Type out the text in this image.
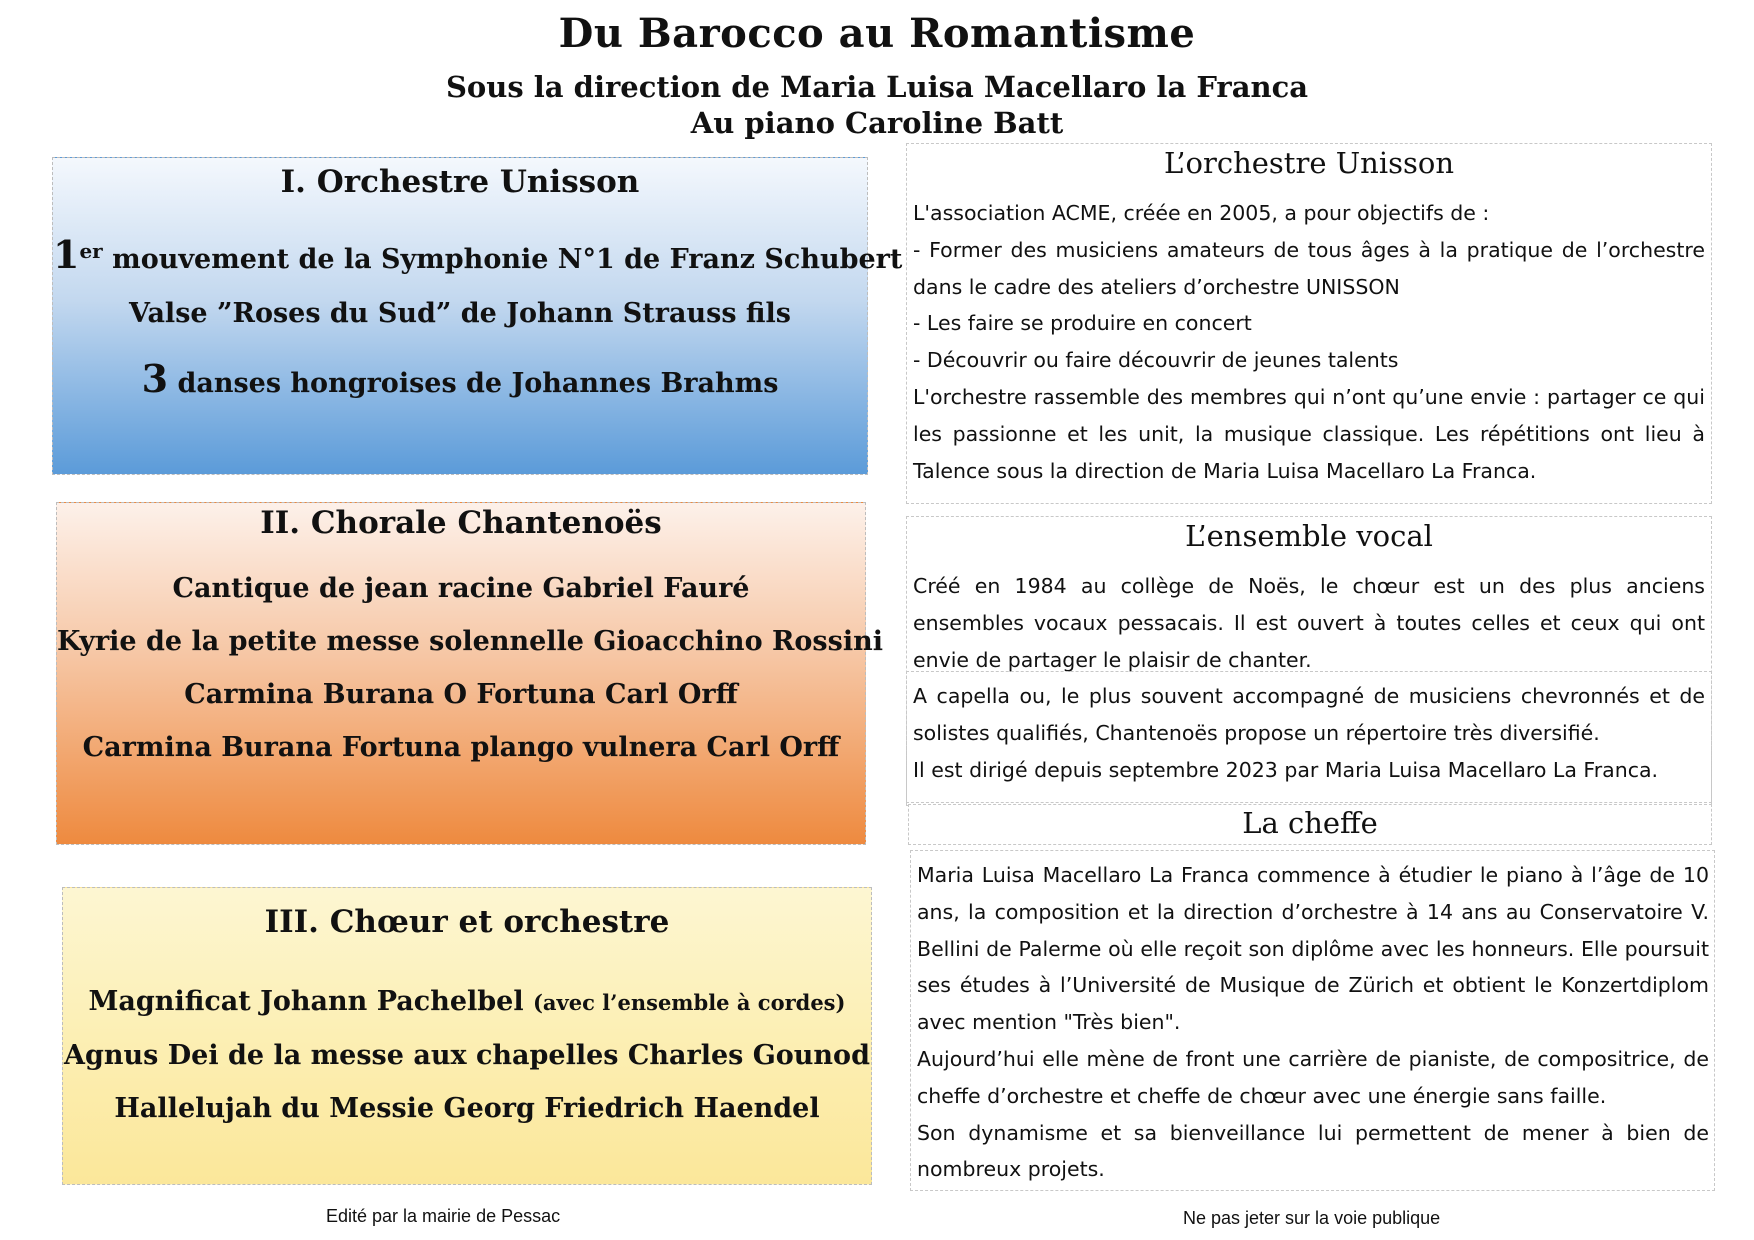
Du Barocco au Romantisme
Sous la direction de Maria Luisa Macellaro la Franca
Au piano Caroline Batt
I. Orchestre Unisson
1er mouvement de la Symphonie N°1 de Franz Schubert
Valse ”Roses du Sud” de Johann Strauss fils
3 danses hongroises de Johannes Brahms
II. Chorale Chantenoës
Cantique de jean racine Gabriel Fauré
Kyrie de la petite messe solennelle Gioacchino Rossini
Carmina Burana O Fortuna Carl Orff
Carmina Burana Fortuna plango vulnera Carl Orff
III. Chœur et orchestre
Magnificat Johann Pachelbel (avec l’ensemble à cordes)
Agnus Dei de la messe aux chapelles Charles Gounod
Hallelujah du Messie Georg Friedrich Haendel
L’orchestre Unisson

L'association ACME, créée en 2005, a pour objectifs de :

- Former des musiciens amateurs de tous âges à la pratique de l’orchestre dans le cadre des ateliers d’orchestre UNISSON

- Les faire se produire en concert

- Découvrir ou faire découvrir de jeunes talents

L'orchestre rassemble des membres qui n’ont qu’une envie : partager ce qui les passionne et les unit, la musique classique. Les répétitions ont lieu à Talence sous la direction de Maria Luisa Macellaro La Franca.

L’ensemble vocal

Créé en 1984 au collège de Noës, le chœur est un des plus anciens ensembles vocaux pessacais. Il est ouvert à toutes celles et ceux qui ont envie de partager le plaisir de chanter.

A capella ou, le plus souvent accompagné de musiciens chevronnés et de solistes qualifiés, Chantenoës propose un répertoire très diversifié.

Il est dirigé depuis septembre 2023 par Maria Luisa Macellaro La Franca.

La cheffe

Maria Luisa Macellaro La Franca commence à étudier le piano à l’âge de 10 ans, la composition et la direction d’orchestre à 14 ans au Conservatoire V. Bellini de Palerme où elle reçoit son diplôme avec les honneurs. Elle poursuit ses études à l’Université de Musique de Zürich et obtient le Konzertdiplom avec mention "Très bien".

Aujourd’hui elle mène de front une carrière de pianiste, de compositrice, de cheffe d’orchestre et cheffe de chœur avec une énergie sans faille.

Son dynamisme et sa bienveillance lui permettent de mener à bien de nombreux projets.

Edité par la mairie de Pessac	Ne pas jeter sur la voie publique
